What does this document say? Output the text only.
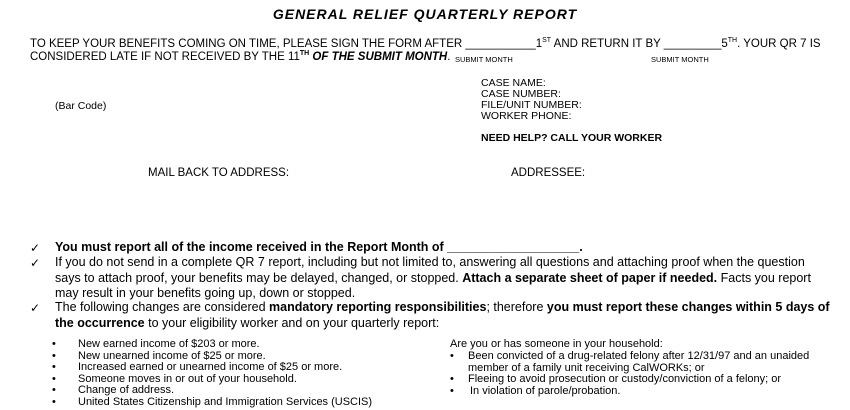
GENERAL RELIEF QUARTERLY REPORT
TO KEEP YOUR BENEFITS COMING ON TIME, PLEASE SIGN THE FORM AFTER ___________1ST AND RETURN IT BY _________5TH. YOUR QR 7 IS
CONSIDERED LATE IF NOT RECEIVED BY THE 11TH OF THE SUBMIT MONTH. SUBMIT MONTH	SUBMIT MONTH
(Bar Code)
CASE NAME:
CASE NUMBER:
FILE/UNIT NUMBER:
WORKER PHONE:
NEED HELP? CALL YOUR WORKER
MAIL BACK TO ADDRESS:	ADDRESSEE:
✓ You must report all of the income received in the Report Month of ___________________.
✓ If you do not send in a complete QR 7 report, including but not limited to, answering all questions and attaching proof when the question says to attach proof, your benefits may be delayed, changed, or stopped. Attach a separate sheet of paper if needed. Facts you report may result in your benefits going up, down or stopped.
✓ The following changes are considered mandatory reporting responsibilities; therefore you must report these changes within 5 days of the occurrence to your eligibility worker and on your quarterly report:
• New earned income of $203 or more.
• New unearned income of $25 or more.
• Increased earned or unearned income of $25 or more.
• Someone moves in or out of your household.
• Change of address.
• United States Citizenship and Immigration Services (USCIS)
Are you or has someone in your household:
• Been convicted of a drug-related felony after 12/31/97 and an unaided
member of a family unit receiving CalWORKs; or
• Fleeing to avoid prosecution or custody/conviction of a felony; or
• In violation of parole/probation.
